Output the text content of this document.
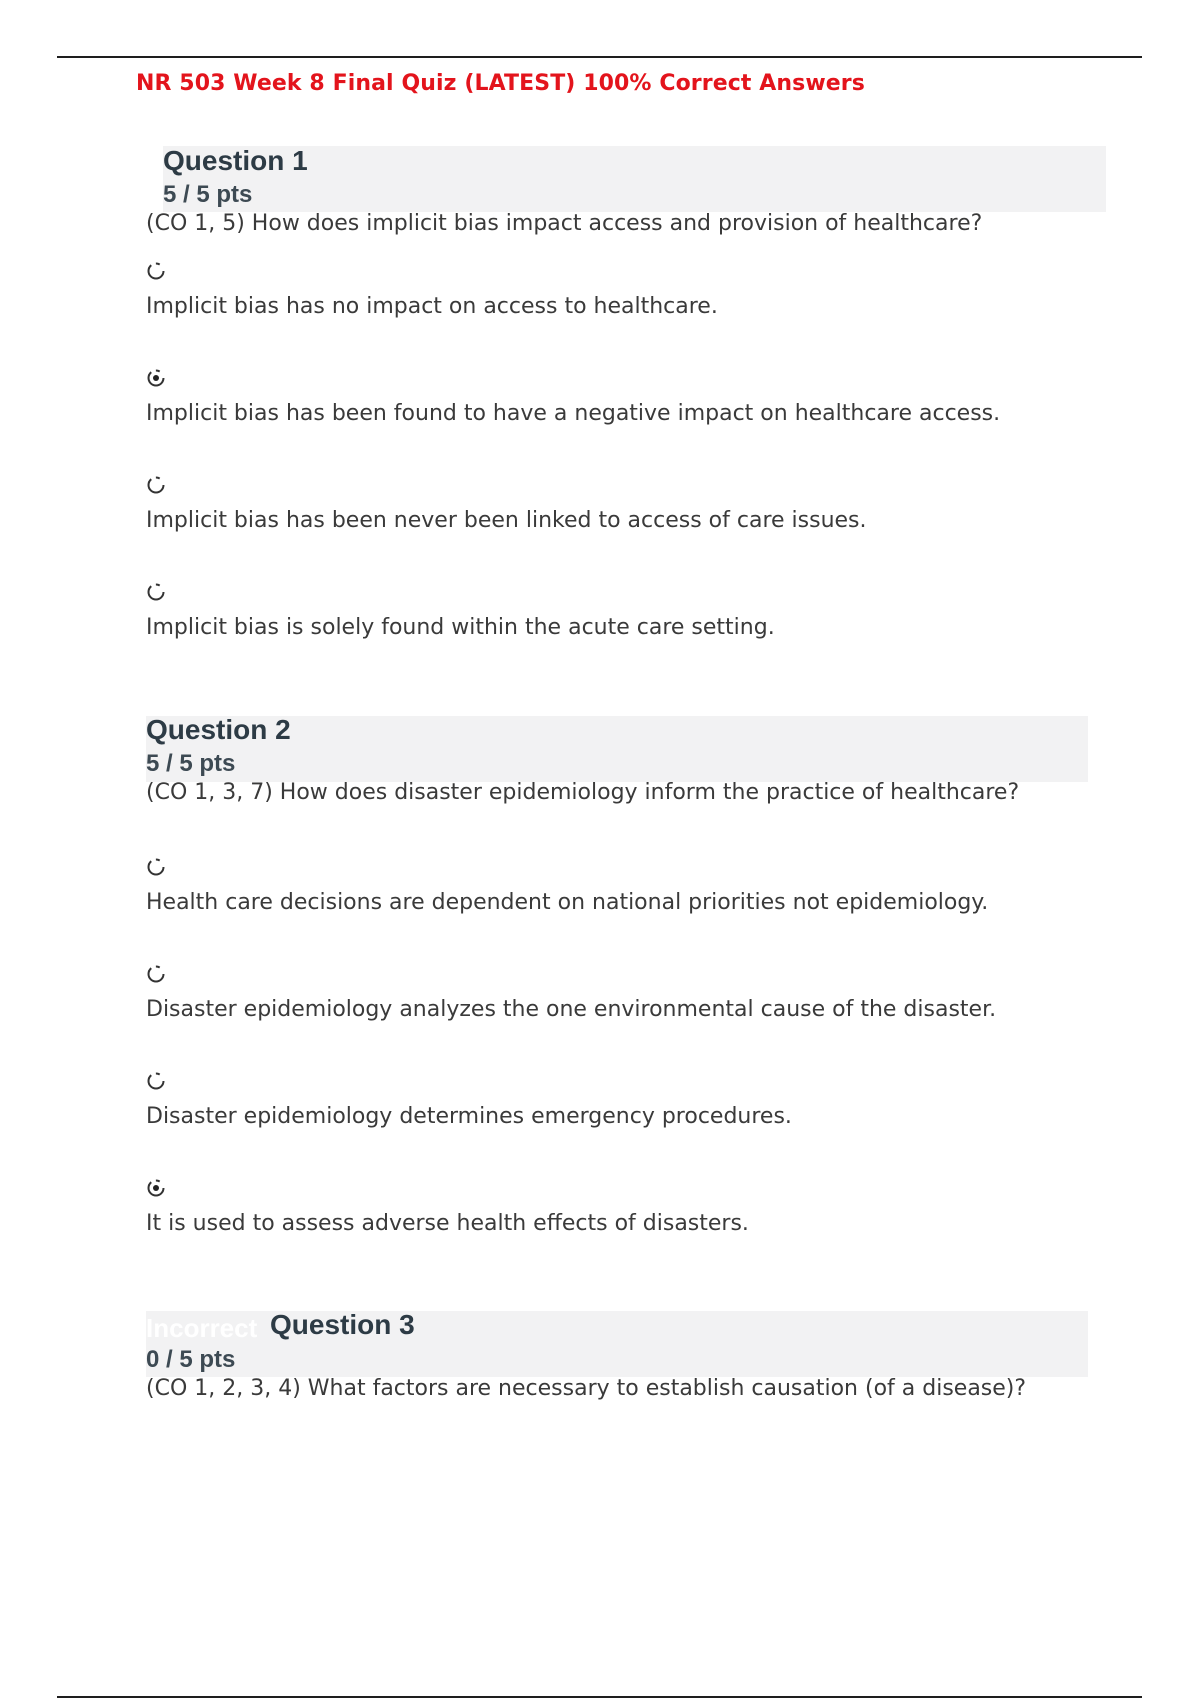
NR 503 Week 8 Final Quiz (LATEST) 100% Correct Answers
Question 1
5 / 5 pts
(CO 1, 5) How does implicit bias impact access and provision of healthcare?
Implicit bias has no impact on access to healthcare.
Implicit bias has been found to have a negative impact on healthcare access.
Implicit bias has been never been linked to access of care issues.
Implicit bias is solely found within the acute care setting.
Question 2
5 / 5 pts
(CO 1, 3, 7) How does disaster epidemiology inform the practice of healthcare?
Health care decisions are dependent on national priorities not epidemiology.
Disaster epidemiology analyzes the one environmental cause of the disaster.
Disaster epidemiology determines emergency procedures.
It is used to assess adverse health effects of disasters.
Incorrect Question 3
0 / 5 pts
(CO 1, 2, 3, 4) What factors are necessary to establish causation (of a disease)?
